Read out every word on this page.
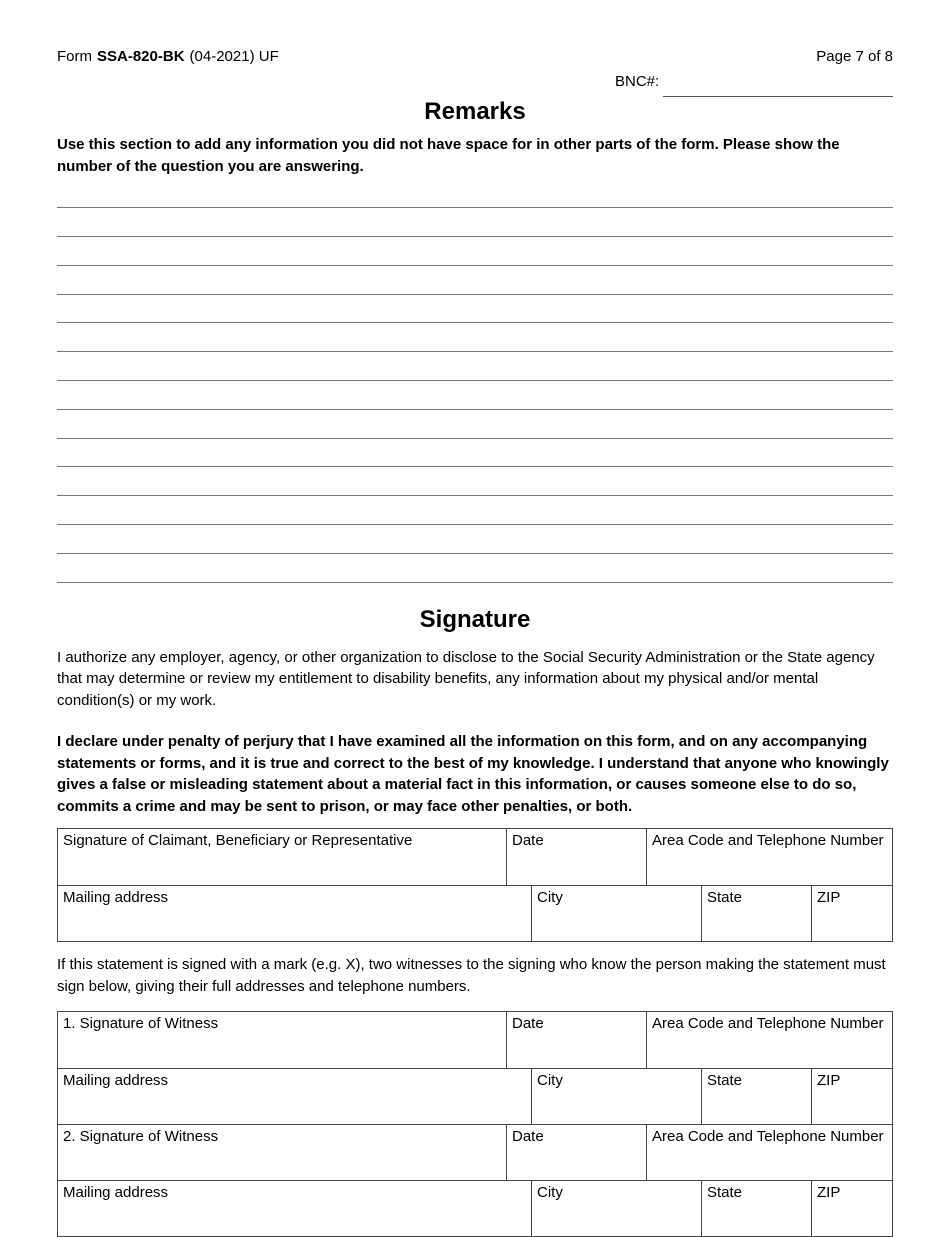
Form SSA-820-BK (04-2021) UF	Page 7 of 8
BNC#:
Remarks

Use this section to add any information you did not have space for in other parts of the form. Please show the number of the question you are answering.

Signature

I authorize any employer, agency, or other organization to disclose to the Social Security Administration or the State agency that may determine or review my entitlement to disability benefits, any information about my physical and/or mental condition(s) or my work.

I declare under penalty of perjury that I have examined all the information on this form, and on any accompanying statements or forms, and it is true and correct to the best of my knowledge. I understand that anyone who knowingly gives a false or misleading statement about a material fact in this information, or causes someone else to do so, commits a crime and may be sent to prison, or may face other penalties, or both.

Signature of Claimant, Beneficiary or Representative	Date	Area Code and Telephone Number
Mailing address	City	State	ZIP

If this statement is signed with a mark (e.g. X), two witnesses to the signing who know the person making the statement must sign below, giving their full addresses and telephone numbers.

1. Signature of Witness	Date	Area Code and Telephone Number
Mailing address	City	State	ZIP
2. Signature of Witness	Date	Area Code and Telephone Number
Mailing address	City	State	ZIP
